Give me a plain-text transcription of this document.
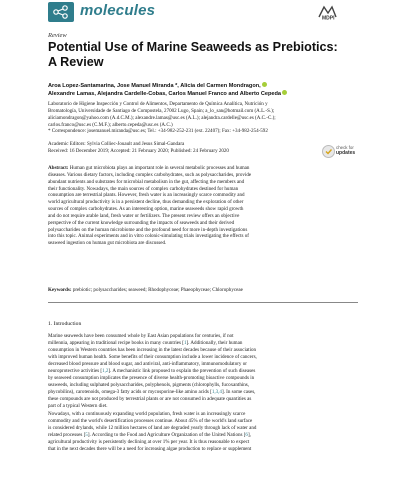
molecules	MDPI
Review
Potential Use of Marine Seaweeds as Prebiotics:
A Review
Aroa Lopez-Santamarina, Jose Manuel Miranda *, Alicia del Carmen Mondragon,
Alexandre Lamas, Alejandra Cardelle-Cobas, Carlos Manuel Franco and Alberto Cepeda
Laboratorio de Higiene Inspección y Control de Alimentos, Departamento de Química Analítica, Nutrición y
Bromatología, Universidade de Santiago de Compostela, 27002 Lugo, Spain; a_lo_san@hotmail.com (A.L.-S.);
aliciamondragon@yahoo.com (A.d.C.M.); alexandre.lamas@usc.es (A.L.); alejandra.cardelle@usc.es (A.C.-C.);
carlos.franco@usc.es (C.M.F.); alberto.cepeda@usc.es (A.C.)
* Correspondence: josemanuel.miranda@usc.es; Tel.: +34-982-252-231 (ext. 22407); Fax: +34-982-254-592
Academic Editors: Sylvia Colliec-Jouault and Jesus Simal-Gandara
Received: 16 December 2019; Accepted: 21 February 2020; Published: 24 February 2020
check for
updates
Abstract: Human gut microbiota plays an important role in several metabolic processes and human
diseases. Various dietary factors, including complex carbohydrates, such as polysaccharides, provide
abundant nutrients and substrates for microbial metabolism in the gut, affecting the members and
their functionality. Nowadays, the main sources of complex carbohydrates destined for human
consumption are terrestrial plants. However, fresh water is an increasingly scarce commodity and
world agricultural productivity is in a persistent decline, thus demanding the exploration of other
sources of complex carbohydrates. As an interesting option, marine seaweeds show rapid growth
and do not require arable land, fresh water or fertilizers. The present review offers an objective
perspective of the current knowledge surrounding the impacts of seaweeds and their derived
polysaccharides on the human microbiome and the profound need for more in-depth investigations
into this topic. Animal experiments and in vitro colonic-simulating trials investigating the effects of
seaweed ingestion on human gut microbiota are discussed.
Keywords: prebiotic; polysaccharides; seaweed; Rhodophyceae; Phaeophyceae; Chlorophyceae
1. Introduction
Marine seaweeds have been consumed whole by East Asian populations for centuries, if not
millennia, appearing in traditional recipe books in many countries [1]. Additionally, their human
consumption in Western countries has been increasing in the latest decades because of their association
with improved human health. Some benefits of their consumption include a lower incidence of cancers,
decreased blood pressure and blood sugar, and antiviral, anti-inflammatory, immunomodulatory or
neuroprotective activities [1,2]. A mechanistic link proposed to explain the prevention of such diseases
by seaweed consumption implicates the presence of diverse health-promoting bioactive compounds in
seaweeds, including sulphated polysaccharides, polyphenols, pigments (chlorophylls, fucoxanthins,
phycobilins), carotenoids, omega-3 fatty acids or mycosporine-like amino acids [1,3,4]. In some cases,
these compounds are not produced by terrestrial plants or are not consumed in adequate quantities as
part of a typical Western diet.
Nowadays, with a continuously expanding world population, fresh water is an increasingly scarce
commodity and the world's desertification processes continue. About 45% of the world's land surface
is considered drylands, while 12 million hectares of land are degraded yearly through lack of water and
related processes [5]. According to the Food and Agriculture Organization of the United Nations [6],
agricultural productivity is persistently declining at over 1% per year. It is thus reasonable to expect
that in the next decades there will be a need for increasing algae production to replace or supplement
